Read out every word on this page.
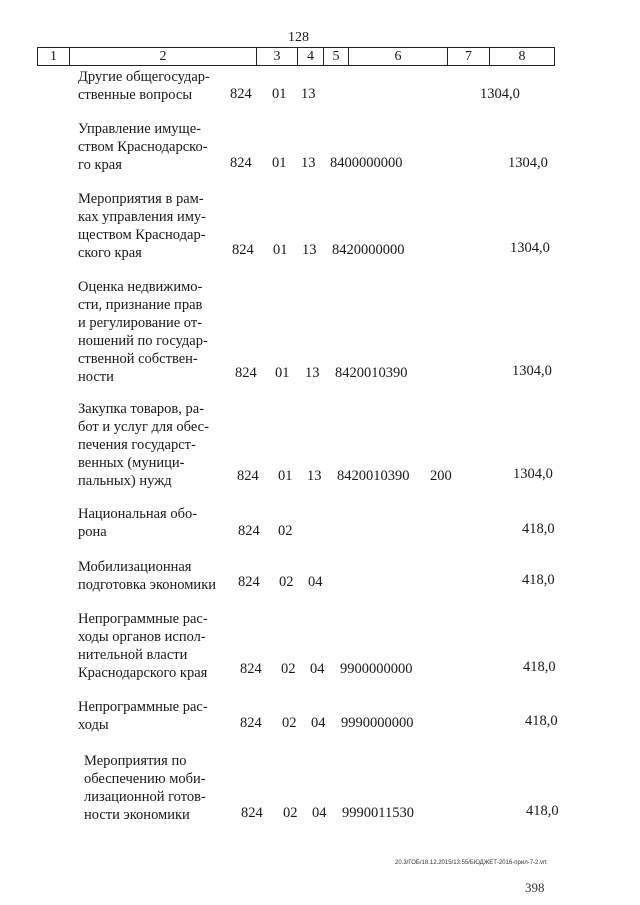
128
1	2	3	4	5	6	7	8
Другие общегосудар-
ственные вопросы	824 01 13	1304,0
Управление имуще-
ством Краснодарско-
го края	824 01 13 8400000000	1304,0
Мероприятия в рам-
ках управления иму-
ществом Краснодар-
ского края	824 01 13 8420000000	1304,0
Оценка недвижимо-
сти, признание прав
и регулирование от-
ношений по государ-
ственной собствен-
ности	824 01 13 8420010390	1304,0
Закупка товаров, ра-
бот и услуг для обес-
печения государст-
венных (муници-
пальных) нужд	824 01 13 8420010390 200	1304,0
Национальная обо-
рона	824 02	418,0
Мобилизационная
подготовка экономики	824 02 04	418,0
Непрограммные рас-
ходы органов испол-
нительной власти
Краснодарского края	824 02 04 9900000000	418,0
Непрограммные рас-
ходы	824 02 04 9990000000	418,0
Мероприятия по
обеспечению моби-
лизационной готов-
ности экономики	824 02 04 9990011530	418,0
20.3/ГОБ/18.12.2015/13:55/БЮДЖЕТ-2016-прил-7-2.vrt
398
